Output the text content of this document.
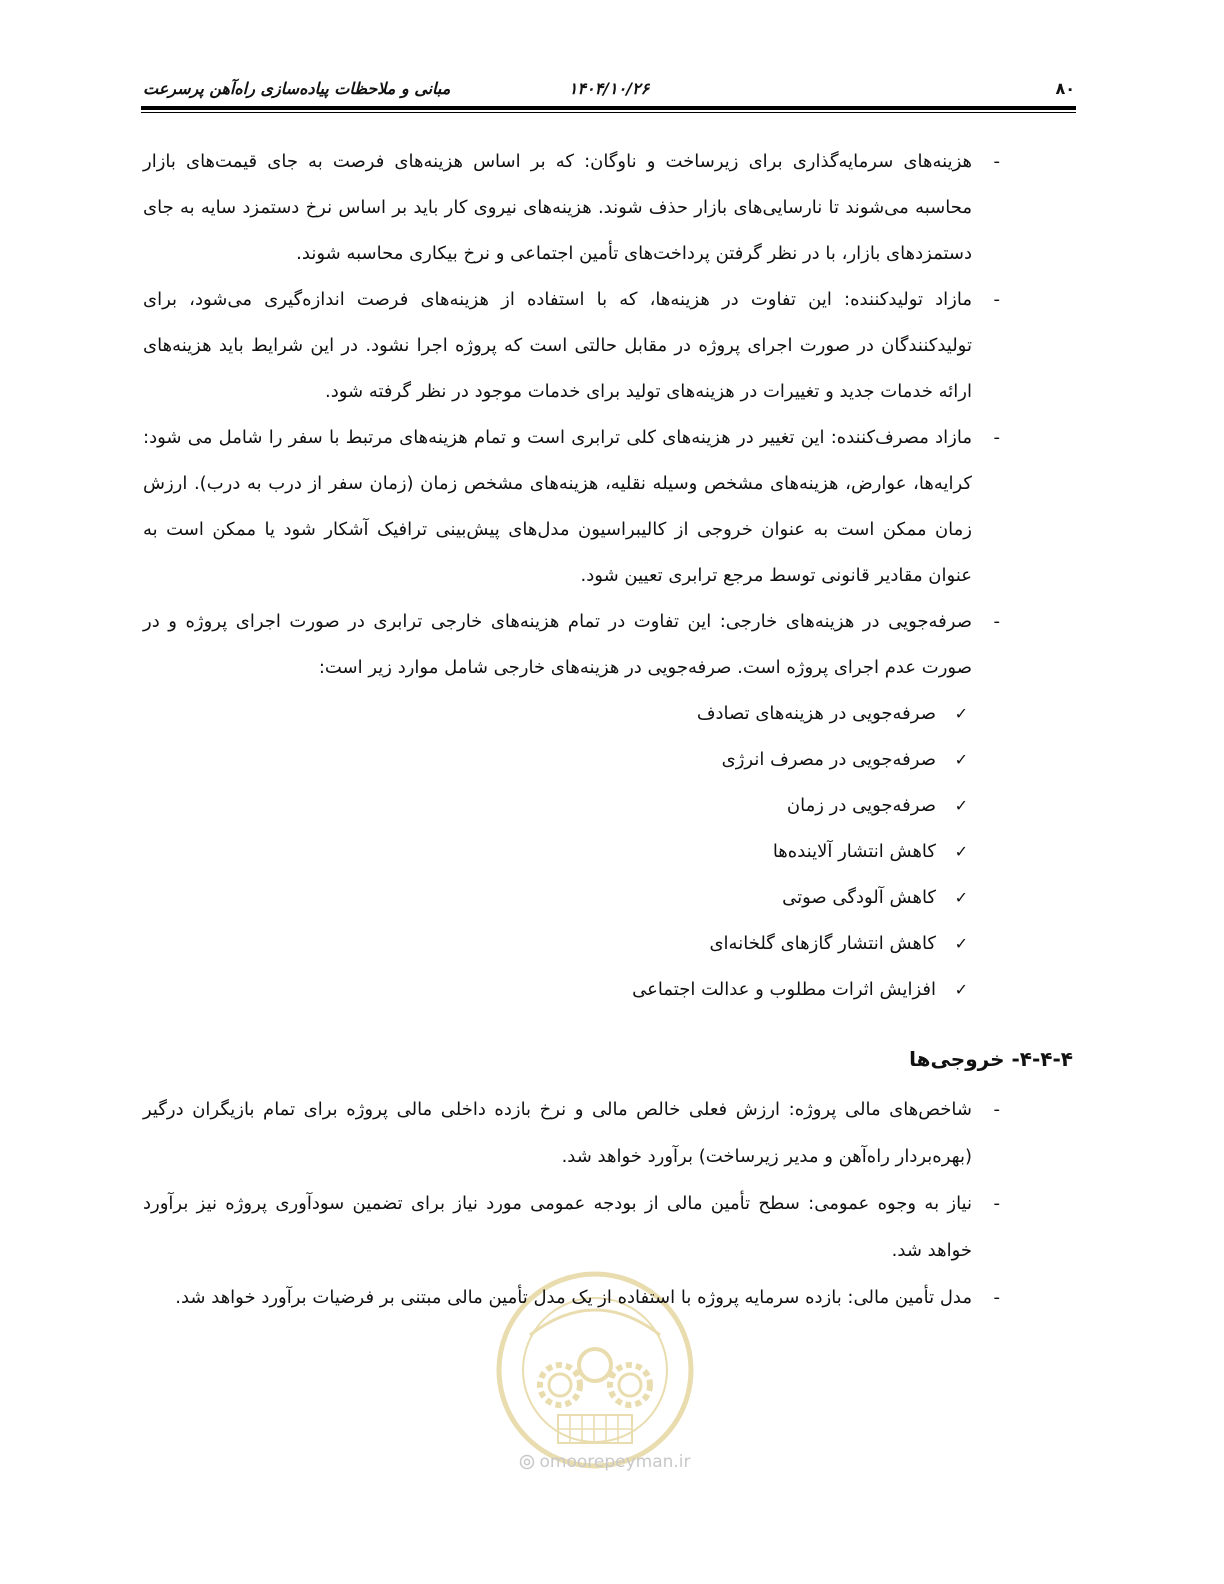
omoorepeyman.ir
۸۰
۱۴۰۴/۱۰/۲۶
مبانی و ملاحظات پیاده‌سازی راه‌آهن پرسرعت
-
هزینه‌های سرمایه‌گذاری برای زیرساخت و ناوگان: که بر اساس هزینه‌های فرصت به جای قیمت‌های بازار محاسبه می‌شوند تا نارسایی‌های بازار حذف شوند. هزینه‌های نیروی کار باید بر اساس نرخ دستمزد سایه به جای دستمزدهای بازار، با در نظر گرفتن پرداخت‌های تأمین اجتماعی و نرخ بیکاری محاسبه شوند.
-
مازاد تولیدکننده: این تفاوت در هزینه‌ها، که با استفاده از هزینه‌های فرصت اندازه‌گیری می‌شود، برای تولیدکنندگان در صورت اجرای پروژه در مقابل حالتی است که پروژه اجرا نشود. در این شرایط باید هزینه‌های ارائه خدمات جدید و تغییرات در هزینه‌های تولید برای خدمات موجود در نظر گرفته شود.
-
مازاد مصرف‌کننده: این تغییر در هزینه‌های کلی ترابری است و تمام هزینه‌های مرتبط با سفر را شامل می شود: کرایه‌ها، عوارض، هزینه‌های مشخص وسیله نقلیه، هزینه‌های مشخص زمان (زمان سفر از درب به درب). ارزش زمان ممکن است به عنوان خروجی از کالیبراسیون مدل‌های پیش‌بینی ترافیک آشکار شود یا ممکن است به عنوان مقادیر قانونی توسط مرجع ترابری تعیین شود.
-
صرفه‌جویی در هزینه‌های خارجی: این تفاوت در تمام هزینه‌های خارجی ترابری در صورت اجرای پروژه و در صورت عدم اجرای پروژه است. صرفه‌جویی در هزینه‌های خارجی شامل موارد زیر است:
✓
صرفه‌جویی در هزینه‌های تصادف
✓
صرفه‌جویی در مصرف انرژی
✓
صرفه‌جویی در زمان
✓
کاهش انتشار آلاینده‌ها
✓
کاهش آلودگی صوتی
✓
کاهش انتشار گازهای گلخانه‌ای
✓
افزایش اثرات مطلوب و عدالت اجتماعی
۴-۴-۴- خروجی‌ها
-
شاخص‌های مالی پروژه: ارزش فعلی خالص مالی و نرخ بازده داخلی مالی پروژه برای تمام بازیگران درگیر (بهره‌بردار راه‌آهن و مدیر زیرساخت) برآورد خواهد شد.
-
نیاز به وجوه عمومی: سطح تأمین مالی از بودجه عمومی مورد نیاز برای تضمین سودآوری پروژه نیز برآورد خواهد شد.
-
مدل تأمین مالی: بازده سرمایه پروژه با استفاده از یک مدل تأمین مالی مبتنی بر فرضیات برآورد خواهد شد.
